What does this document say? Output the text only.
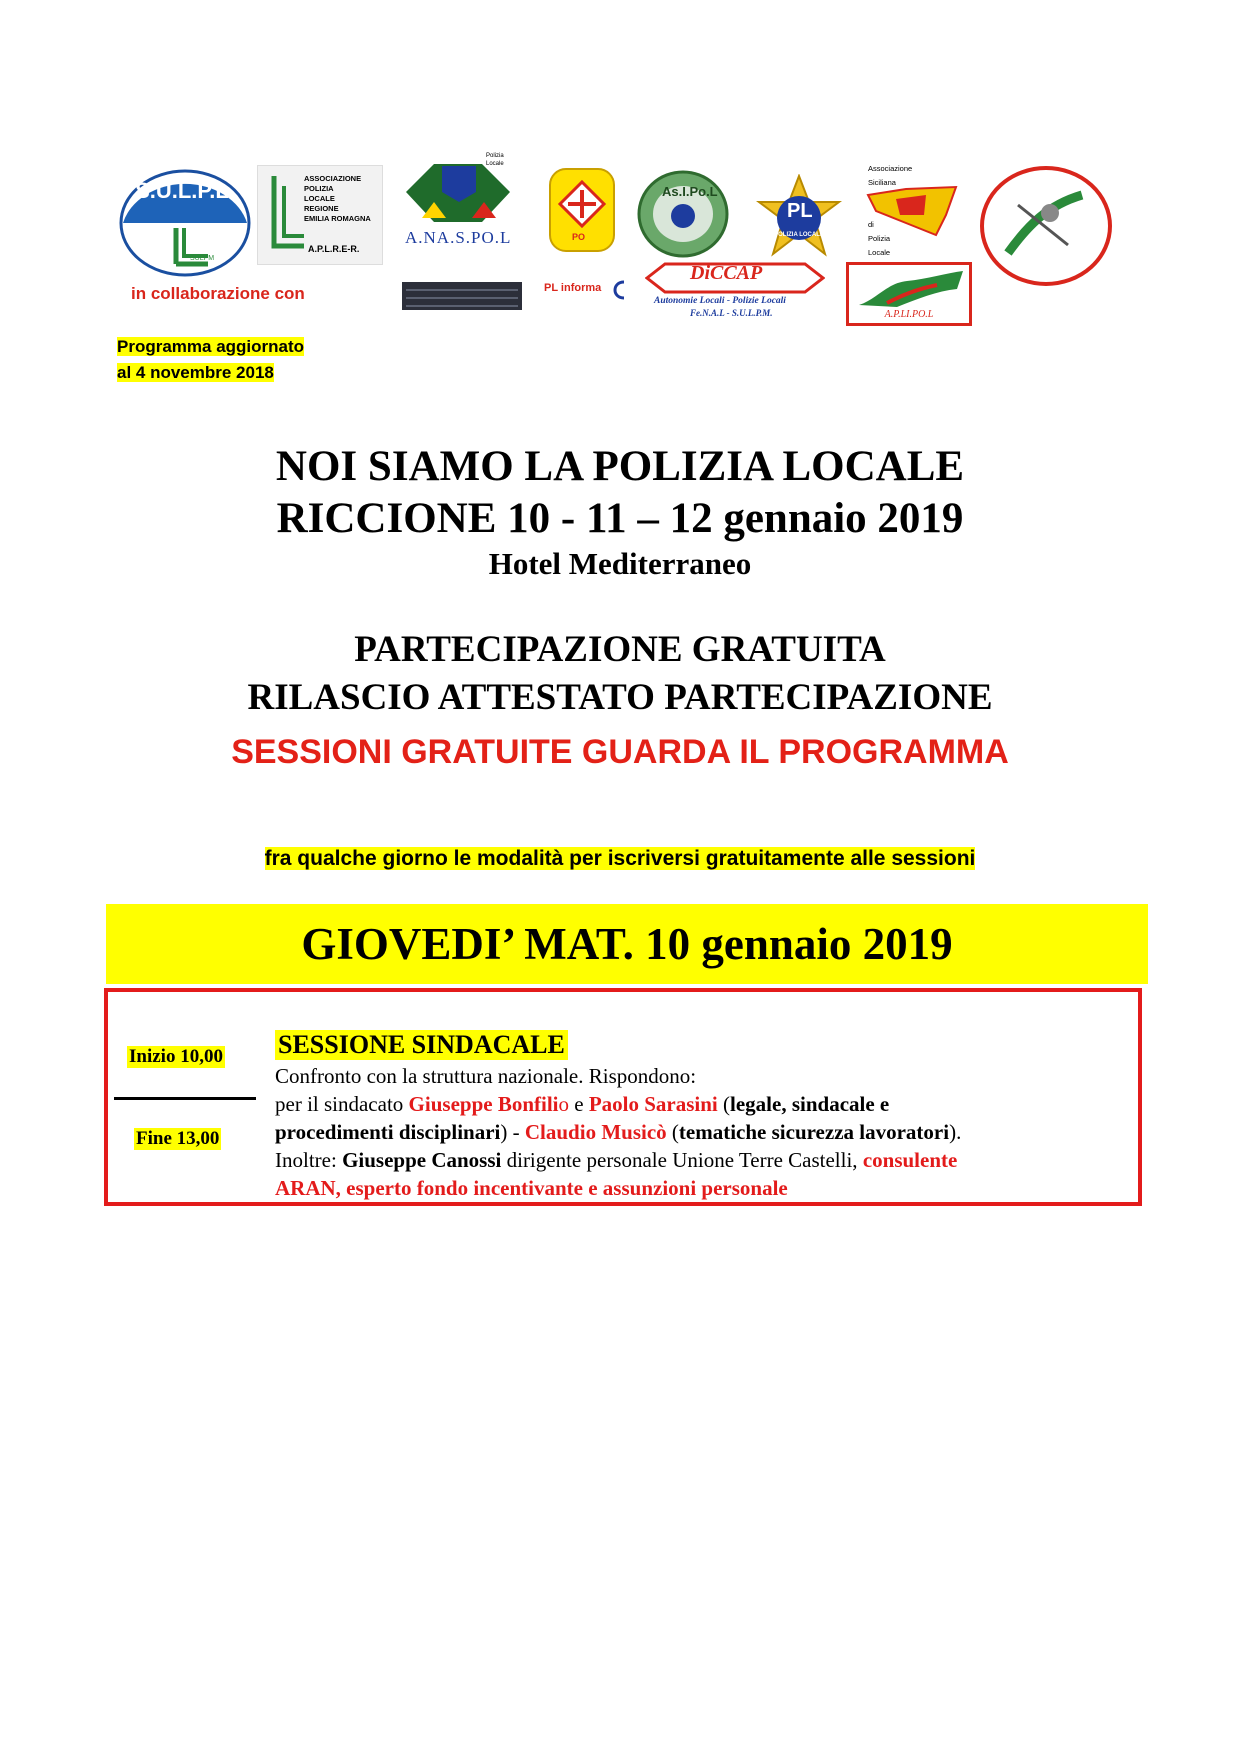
S.U.L.P.L.
SULPM
in collaborazione con
ASSOCIAZIONE
POLIZIA
LOCALE
REGIONE
EMILIA ROMAGNA
A.P.L.R.E-R.
A.NA.S.PO.L
Polizia Locale
PO
As.I.Po.L
PL
POLIZIA LOCALE
Associazione
Siciliana
di
Polizia
Locale
PL informa
DiCCAP
Autonomie Locali - Polizie Locali
Fe.N.A.L - S.U.L.P.M.	A.P.LI.PO.L
Programma aggiornato
al 4 novembre 2018
NOI SIAMO LA POLIZIA LOCALE
RICCIONE 10 - 11 – 12 gennaio 2019
Hotel Mediterraneo
PARTECIPAZIONE GRATUITA
RILASCIO ATTESTATO PARTECIPAZIONE
SESSIONI GRATUITE GUARDA IL PROGRAMMA
fra qualche giorno le modalità per iscriversi gratuitamente alle sessioni
GIOVEDI’ MAT. 10 gennaio 2019
Inizio 10,00
Fine 13,00
SESSIONE SINDACALE
Confronto con la struttura nazionale. Rispondono:
per il sindacato Giuseppe Bonfilio e Paolo Sarasini (legale, sindacale e
procedimenti disciplinari) - Claudio Musicò (tematiche sicurezza lavoratori).
Inoltre: Giuseppe Canossi dirigente personale Unione Terre Castelli, consulente
ARAN, esperto fondo incentivante e assunzioni personale
